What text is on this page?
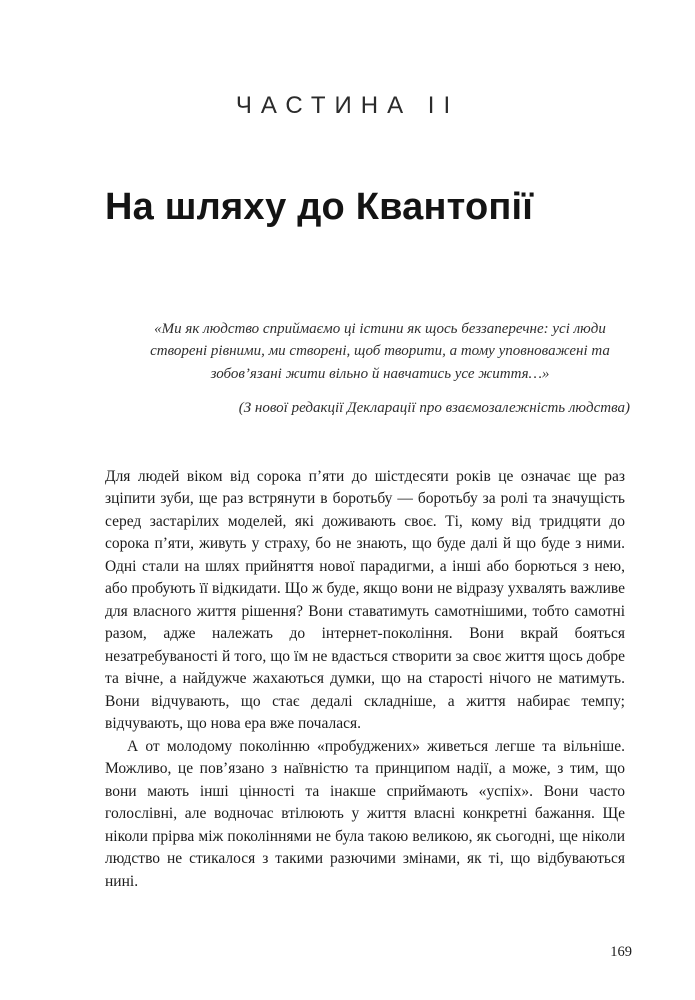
ЧАСТИНА II
На шляху до Квантопії

«Ми як людство сприймаємо ці істини як щось беззаперечне: усі люди створені рівними, ми створені, щоб творити, а тому уповноважені та зобов’язані жити вільно й навчатись усе життя…»

(З нової редакції Декларації про взаємозалежність людства)

Для людей віком від сорока п’яти до шістдесяти років це означає ще раз зціпити зуби, ще раз встрянути в боротьбу — боротьбу за ролі та значущість серед застарілих моделей, які доживають своє. Ті, кому від тридцяти до сорока п’яти, живуть у страху, бо не знають, що буде далі й що буде з ними. Одні стали на шлях прийняття нової парадигми, а інші або борються з нею, або пробують її відкидати. Що ж буде, якщо вони не відразу ухвалять важливе для власного життя рішення? Вони ставатимуть самотнішими, тобто самотні разом, адже належать до інтернет-покоління. Вони вкрай бояться незатребуваності й того, що їм не вдасться створити за своє життя щось добре та вічне, а найдужче жахаються думки, що на старості нічого не матимуть. Вони відчувають, що стає дедалі складніше, а життя набирає темпу; відчувають, що нова ера вже почалася.

А от молодому поколінню «пробуджених» живеться легше та вільніше. Можливо, це пов’язано з наївністю та принципом надії, а може, з тим, що вони мають інші цінності та інакше сприймають «успіх». Вони часто голослівні, але водночас втілюють у життя власні конкретні бажання. Ще ніколи прірва між поколіннями не була такою великою, як сьогодні, ще ніколи людство не стикалося з такими разючими змінами, як ті, що відбуваються нині.

169
